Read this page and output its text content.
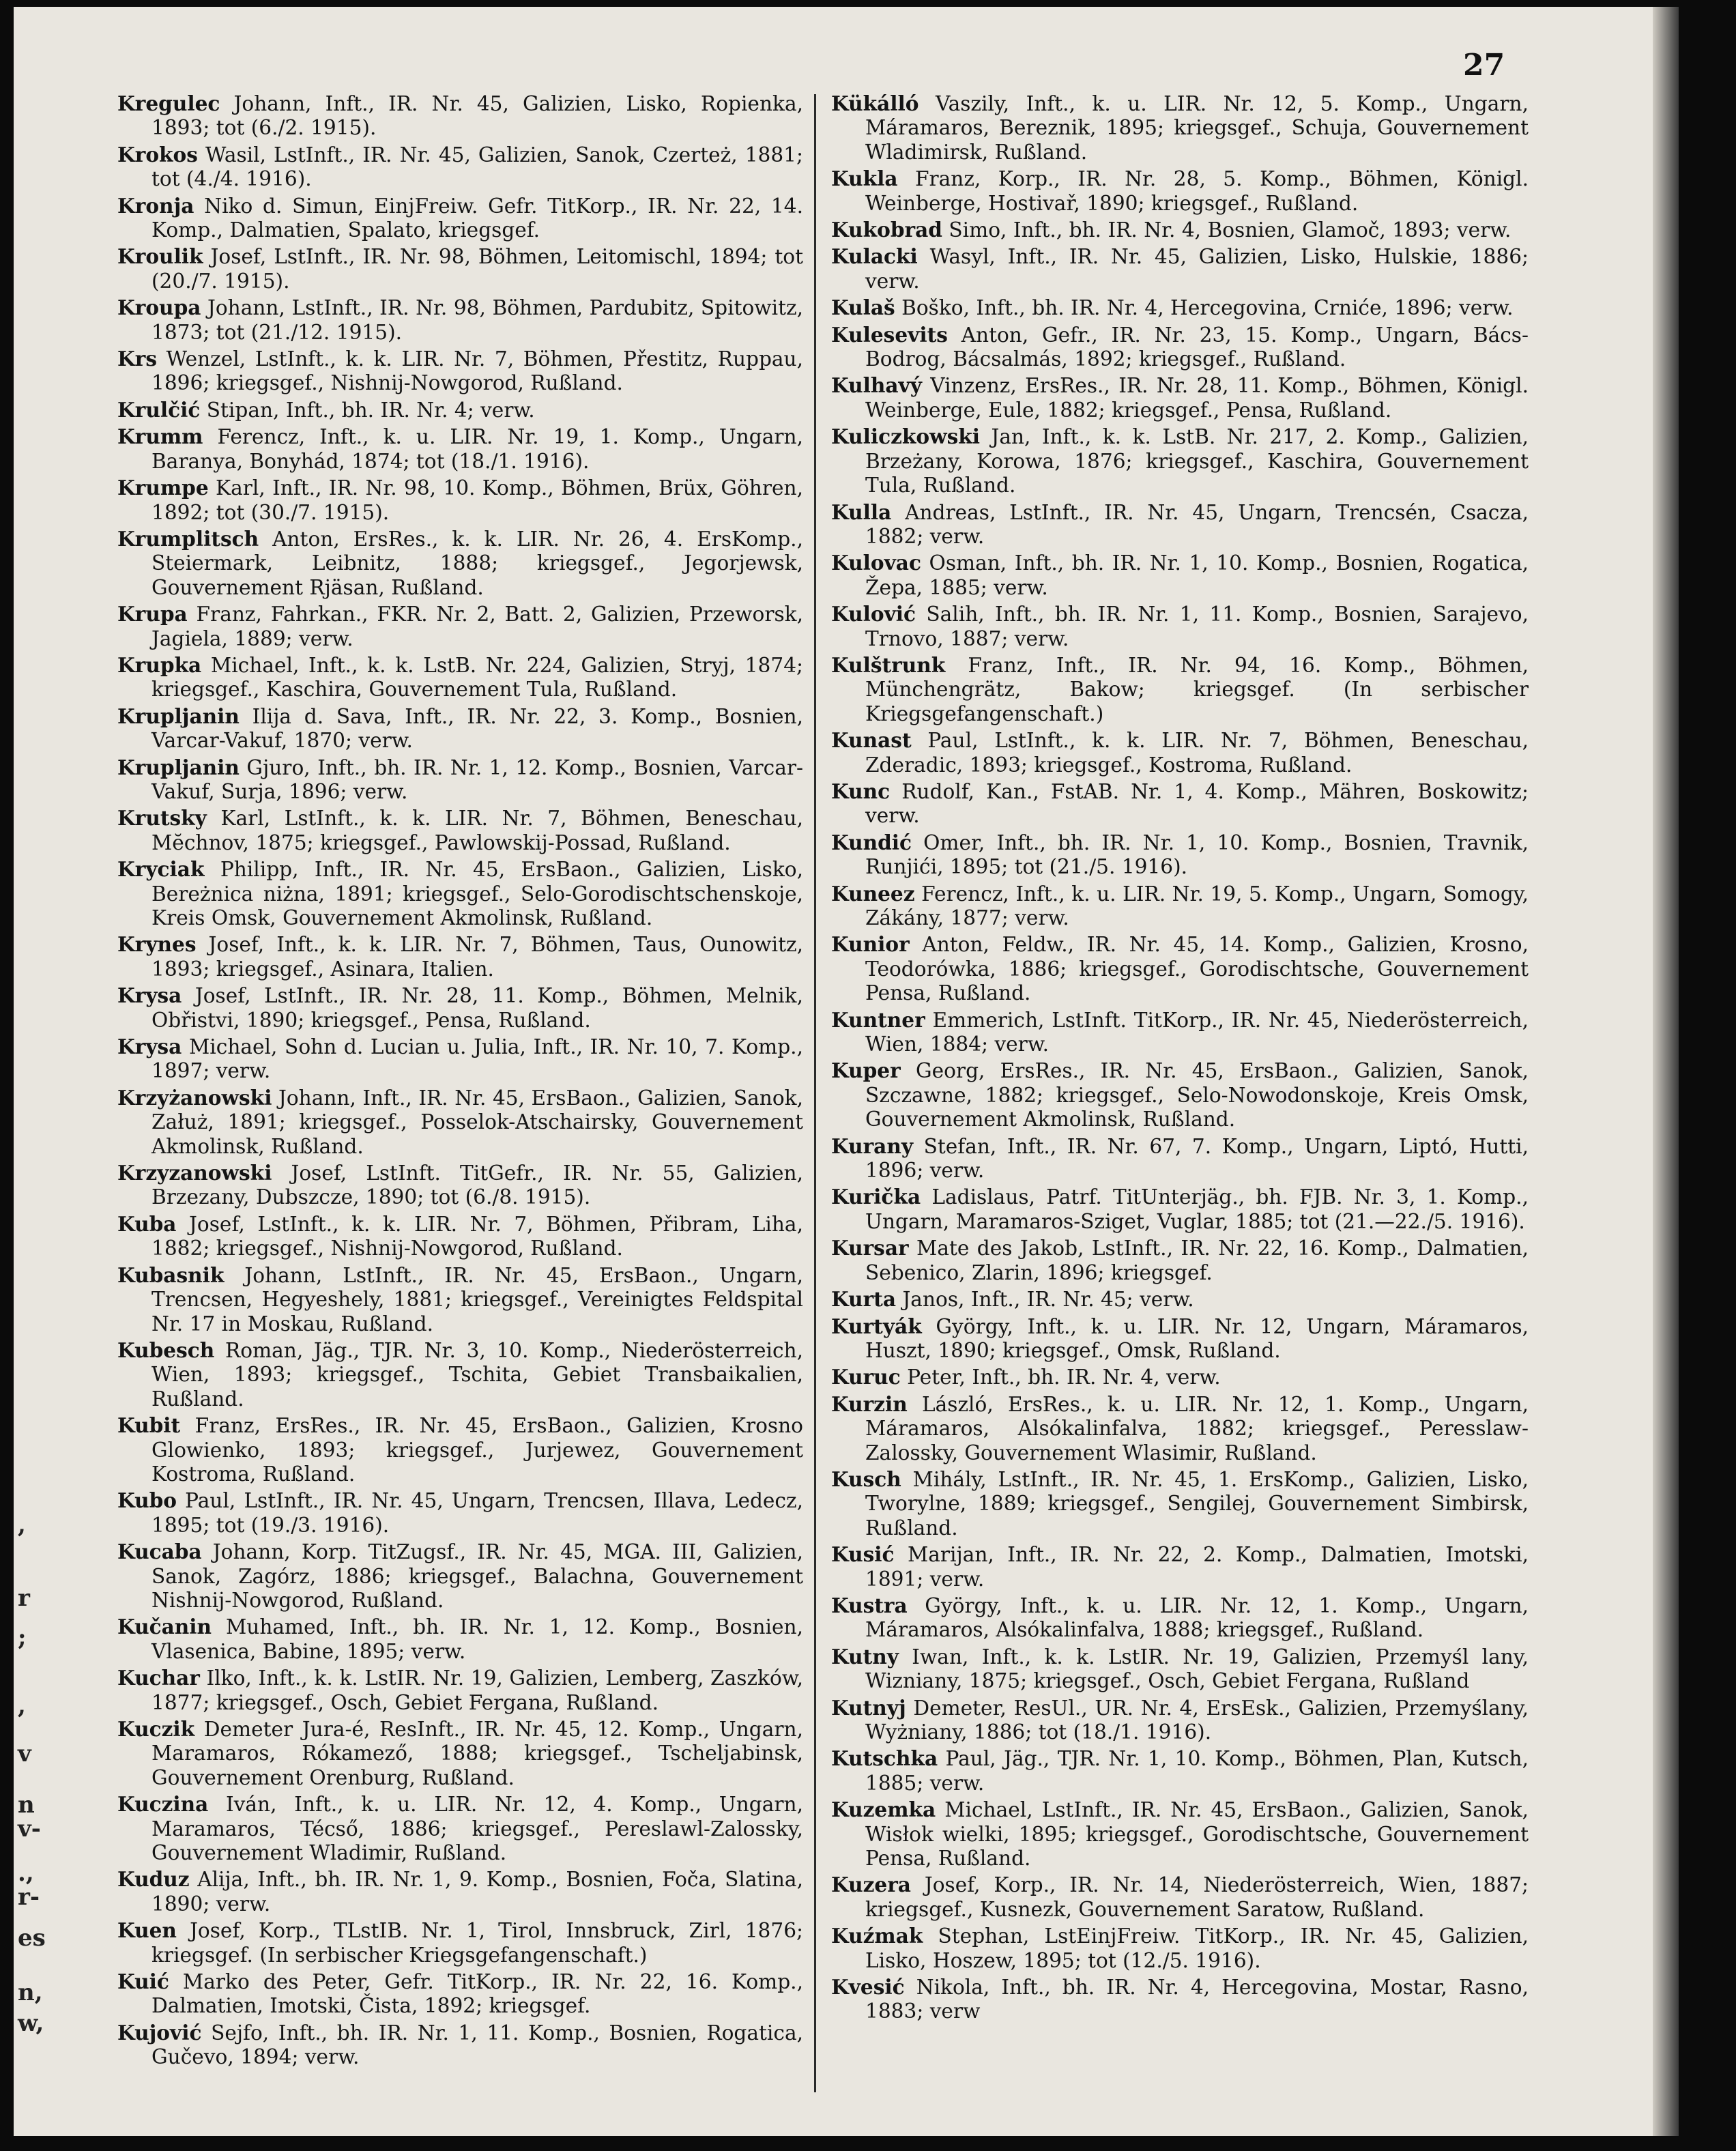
,
r
;
,
v
n
v-
.,
r-
es
n,
w,
27

Kregulec Johann, Inft., IR. Nr. 45, Galizien, Lisko, Ropienka, 1893; tot (6./2. 1915).

Krokos Wasil, LstInft., IR. Nr. 45, Galizien, Sanok, Czerteż, 1881; tot (4./4. 1916).

Kronja Niko d. Simun, EinjFreiw. Gefr. TitKorp., IR. Nr. 22, 14. Komp., Dalmatien, Spalato, kriegsgef.

Kroulik Josef, LstInft., IR. Nr. 98, Böhmen, Leitomischl, 1894; tot (20./7. 1915).

Kroupa Johann, LstInft., IR. Nr. 98, Böhmen, Pardubitz, Spitowitz, 1873; tot (21./12. 1915).

Krs Wenzel, LstInft., k. k. LIR. Nr. 7, Böhmen, Přestitz, Ruppau, 1896; kriegsgef., Nishnij-Nowgorod, Rußland.

Krulčić Stipan, Inft., bh. IR. Nr. 4; verw.

Krumm Ferencz, Inft., k. u. LIR. Nr. 19, 1. Komp., Ungarn, Baranya, Bonyhád, 1874; tot (18./1. 1916).

Krumpe Karl, Inft., IR. Nr. 98, 10. Komp., Böhmen, Brüx, Göhren, 1892; tot (30./7. 1915).

Krumplitsch Anton, ErsRes., k. k. LIR. Nr. 26, 4. ErsKomp., Steiermark, Leibnitz, 1888; kriegsgef., Jegorjewsk, Gouvernement Rjäsan, Rußland.

Krupa Franz, Fahrkan., FKR. Nr. 2, Batt. 2, Galizien, Przeworsk, Jagiela, 1889; verw.

Krupka Michael, Inft., k. k. LstB. Nr. 224, Galizien, Stryj, 1874; kriegsgef., Kaschira, Gouvernement Tula, Rußland.

Krupljanin Ilija d. Sava, Inft., IR. Nr. 22, 3. Komp., Bosnien, Varcar-Vakuf, 1870; verw.

Krupljanin Gjuro, Inft., bh. IR. Nr. 1, 12. Komp., Bosnien, Varcar-Vakuf, Surja, 1896; verw.

Krutsky Karl, LstInft., k. k. LIR. Nr. 7, Böhmen, Beneschau, Mĕchnov, 1875; kriegsgef., Pawlowskij-Possad, Rußland.

Kryciak Philipp, Inft., IR. Nr. 45, ErsBaon., Galizien, Lisko, Bereżnica niżna, 1891; kriegsgef., Selo-Gorodischtschenskoje, Kreis Omsk, Gouvernement Akmolinsk, Rußland.

Krynes Josef, Inft., k. k. LIR. Nr. 7, Böhmen, Taus, Ounowitz, 1893; kriegsgef., Asinara, Italien.

Krysa Josef, LstInft., IR. Nr. 28, 11. Komp., Böhmen, Melnik, Obřistvi, 1890; kriegsgef., Pensa, Rußland.

Krysa Michael, Sohn d. Lucian u. Julia, Inft., IR. Nr. 10, 7. Komp., 1897; verw.

Krzyżanowski Johann, Inft., IR. Nr. 45, ErsBaon., Galizien, Sanok, Załuż, 1891; kriegsgef., Posselok-Atschairsky, Gouvernement Akmolinsk, Rußland.

Krzyzanowski Josef, LstInft. TitGefr., IR. Nr. 55, Galizien, Brzezany, Dubszcze, 1890; tot (6./8. 1915).

Kuba Josef, LstInft., k. k. LIR. Nr. 7, Böhmen, Přibram, Liha, 1882; kriegsgef., Nishnij-Nowgorod, Rußland.

Kubasnik Johann, LstInft., IR. Nr. 45, ErsBaon., Ungarn, Trencsen, Hegyeshely, 1881; kriegsgef., Vereinigtes Feldspital Nr. 17 in Moskau, Rußland.

Kubesch Roman, Jäg., TJR. Nr. 3, 10. Komp., Niederösterreich, Wien, 1893; kriegsgef., Tschita, Gebiet Transbaikalien, Rußland.

Kubit Franz, ErsRes., IR. Nr. 45, ErsBaon., Galizien, Krosno Glowienko, 1893; kriegsgef., Jurjewez, Gouvernement Kostroma, Rußland.

Kubo Paul, LstInft., IR. Nr. 45, Ungarn, Trencsen, Illava, Ledecz, 1895; tot (19./3. 1916).

Kucaba Johann, Korp. TitZugsf., IR. Nr. 45, MGA. III, Galizien, Sanok, Zagórz, 1886; kriegsgef., Balachna, Gouvernement Nishnij-Nowgorod, Rußland.

Kučanin Muhamed, Inft., bh. IR. Nr. 1, 12. Komp., Bosnien, Vlasenica, Babine, 1895; verw.

Kuchar Ilko, Inft., k. k. LstIR. Nr. 19, Galizien, Lemberg, Zaszków, 1877; kriegsgef., Osch, Gebiet Fergana, Rußland.

Kuczik Demeter Jura-é, ResInft., IR. Nr. 45, 12. Komp., Ungarn, Maramaros, Rókamező, 1888; kriegsgef., Tscheljabinsk, Gouvernement Orenburg, Rußland.

Kuczina Iván, Inft., k. u. LIR. Nr. 12, 4. Komp., Ungarn, Maramaros, Técső, 1886; kriegsgef., Pereslawl-Zalossky, Gouvernement Wladimir, Rußland.

Kuduz Alija, Inft., bh. IR. Nr. 1, 9. Komp., Bosnien, Foča, Slatina, 1890; verw.

Kuen Josef, Korp., TLstIB. Nr. 1, Tirol, Innsbruck, Zirl, 1876; kriegsgef. (In serbischer Kriegsgefangenschaft.)

Kuić Marko des Peter, Gefr. TitKorp., IR. Nr. 22, 16. Komp., Dalmatien, Imotski, Čista, 1892; kriegsgef.

Kujović Sejfo, Inft., bh. IR. Nr. 1, 11. Komp., Bosnien, Rogatica, Gučevo, 1894; verw.

Kükálló Vaszily, Inft., k. u. LIR. Nr. 12, 5. Komp., Ungarn, Máramaros, Bereznik, 1895; kriegsgef., Schuja, Gouvernement Wladimirsk, Rußland.

Kukla Franz, Korp., IR. Nr. 28, 5. Komp., Böhmen, Königl. Weinberge, Hostivař, 1890; kriegsgef., Rußland.

Kukobrad Simo, Inft., bh. IR. Nr. 4, Bosnien, Glamoč, 1893; verw.

Kulacki Wasyl, Inft., IR. Nr. 45, Galizien, Lisko, Hulskie, 1886; verw.

Kulaš Boško, Inft., bh. IR. Nr. 4, Hercegovina, Crniće, 1896; verw.

Kulesevits Anton, Gefr., IR. Nr. 23, 15. Komp., Ungarn, Bács-Bodrog, Bácsalmás, 1892; kriegsgef., Rußland.

Kulhavý Vinzenz, ErsRes., IR. Nr. 28, 11. Komp., Böhmen, Königl. Weinberge, Eule, 1882; kriegsgef., Pensa, Rußland.

Kuliczkowski Jan, Inft., k. k. LstB. Nr. 217, 2. Komp., Galizien, Brzeżany, Korowa, 1876; kriegsgef., Kaschira, Gouvernement Tula, Rußland.

Kulla Andreas, LstInft., IR. Nr. 45, Ungarn, Trencsén, Csacza, 1882; verw.

Kulovac Osman, Inft., bh. IR. Nr. 1, 10. Komp., Bosnien, Rogatica, Žepa, 1885; verw.

Kulović Salih, Inft., bh. IR. Nr. 1, 11. Komp., Bosnien, Sarajevo, Trnovo, 1887; verw.

Kulštrunk Franz, Inft., IR. Nr. 94, 16. Komp., Böhmen, Münchengrätz, Bakow; kriegsgef. (In serbischer Kriegsgefangenschaft.)

Kunast Paul, LstInft., k. k. LIR. Nr. 7, Böhmen, Beneschau, Zderadic, 1893; kriegsgef., Kostroma, Rußland.

Kunc Rudolf, Kan., FstAB. Nr. 1, 4. Komp., Mähren, Boskowitz; verw.

Kundić Omer, Inft., bh. IR. Nr. 1, 10. Komp., Bosnien, Travnik, Runjići, 1895; tot (21./5. 1916).

Kuneez Ferencz, Inft., k. u. LIR. Nr. 19, 5. Komp., Ungarn, Somogy, Zákány, 1877; verw.

Kunior Anton, Feldw., IR. Nr. 45, 14. Komp., Galizien, Krosno, Teodorówka, 1886; kriegsgef., Gorodischtsche, Gouvernement Pensa, Rußland.

Kuntner Emmerich, LstInft. TitKorp., IR. Nr. 45, Niederösterreich, Wien, 1884; verw.

Kuper Georg, ErsRes., IR. Nr. 45, ErsBaon., Galizien, Sanok, Szczawne, 1882; kriegsgef., Selo-Nowodonskoje, Kreis Omsk, Gouvernement Akmolinsk, Rußland.

Kurany Stefan, Inft., IR. Nr. 67, 7. Komp., Ungarn, Liptó, Hutti, 1896; verw.

Kurička Ladislaus, Patrf. TitUnterjäg., bh. FJB. Nr. 3, 1. Komp., Ungarn, Maramaros-Sziget, Vuglar, 1885; tot (21.—22./5. 1916).

Kursar Mate des Jakob, LstInft., IR. Nr. 22, 16. Komp., Dalmatien, Sebenico, Zlarin, 1896; kriegsgef.

Kurta Janos, Inft., IR. Nr. 45; verw.

Kurtyák György, Inft., k. u. LIR. Nr. 12, Ungarn, Máramaros, Huszt, 1890; kriegsgef., Omsk, Rußland.

Kuruc Peter, Inft., bh. IR. Nr. 4, verw.

Kurzin László, ErsRes., k. u. LIR. Nr. 12, 1. Komp., Ungarn, Máramaros, Alsókalinfalva, 1882; kriegsgef., Peresslaw-Zalossky, Gouvernement Wlasimir, Rußland.

Kusch Mihály, LstInft., IR. Nr. 45, 1. ErsKomp., Galizien, Lisko, Tworylne, 1889; kriegsgef., Sengilej, Gouvernement Simbirsk, Rußland.

Kusić Marijan, Inft., IR. Nr. 22, 2. Komp., Dalmatien, Imotski, 1891; verw.

Kustra György, Inft., k. u. LIR. Nr. 12, 1. Komp., Ungarn, Máramaros, Alsókalinfalva, 1888; kriegsgef., Rußland.

Kutny Iwan, Inft., k. k. LstIR. Nr. 19, Galizien, Przemyśl lany, Wizniany, 1875; kriegsgef., Osch, Gebiet Fergana, Rußland

Kutnyj Demeter, ResUl., UR. Nr. 4, ErsEsk., Galizien, Przemyślany, Wyżniany, 1886; tot (18./1. 1916).

Kutschka Paul, Jäg., TJR. Nr. 1, 10. Komp., Böhmen, Plan, Kutsch, 1885; verw.

Kuzemka Michael, LstInft., IR. Nr. 45, ErsBaon., Galizien, Sanok, Wisłok wielki, 1895; kriegsgef., Gorodischtsche, Gouvernement Pensa, Rußland.

Kuzera Josef, Korp., IR. Nr. 14, Niederösterreich, Wien, 1887; kriegsgef., Kusnezk, Gouvernement Saratow, Rußland.

Kuźmak Stephan, LstEinjFreiw. TitKorp., IR. Nr. 45, Galizien, Lisko, Hoszew, 1895; tot (12./5. 1916).

Kvesić Nikola, Inft., bh. IR. Nr. 4, Hercegovina, Mostar, Rasno, 1883; verw
